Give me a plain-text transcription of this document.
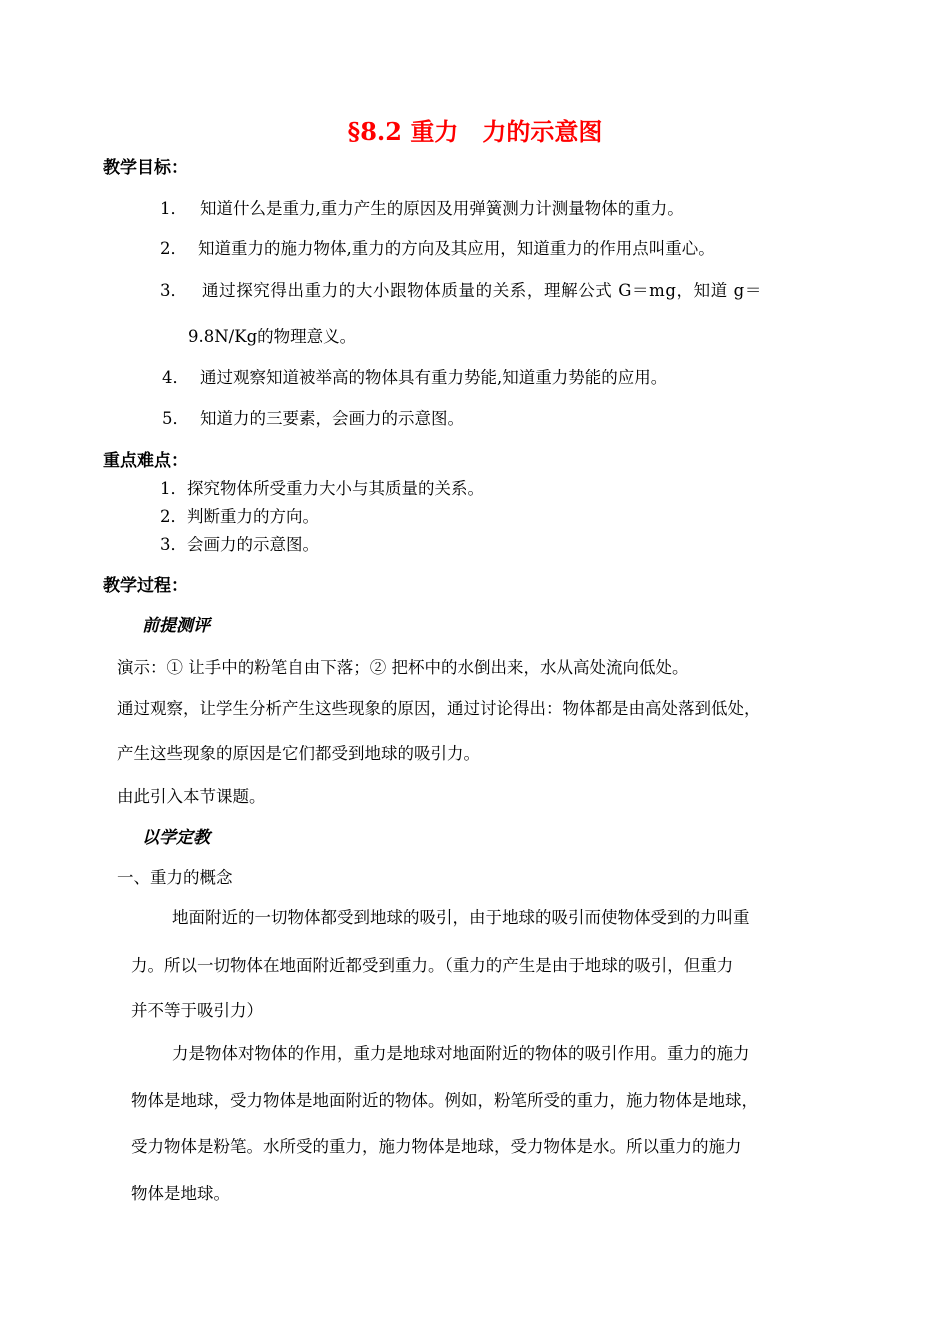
§8.2 重力　力的示意图
教学目标：
1． 知道什么是重力,重力产生的原因及用弹簧测力计测量物体的重力。
2． 知道重力的施力物体,重力的方向及其应用，知道重力的作用点叫重心。
3． 通过探究得出重力的大小跟物体质量的关系，理解公式 G＝mg，知道 g＝
9.8N/Kg的物理意义。
4． 通过观察知道被举高的物体具有重力势能,知道重力势能的应用。
5． 知道力的三要素，会画力的示意图。
重点难点：
1．探究物体所受重力大小与其质量的关系。
2．判断重力的方向。
3．会画力的示意图。
教学过程：
前提测评
演示：① 让手中的粉笔自由下落；② 把杯中的水倒出来，水从高处流向低处。
通过观察，让学生分析产生这些现象的原因，通过讨论得出：物体都是由高处落到低处，
产生这些现象的原因是它们都受到地球的吸引力。
由此引入本节课题。
以学定教
一、重力的概念
地面附近的一切物体都受到地球的吸引，由于地球的吸引而使物体受到的力叫重
力。所以一切物体在地面附近都受到重力。（重力的产生是由于地球的吸引，但重力
并不等于吸引力）
力是物体对物体的作用，重力是地球对地面附近的物体的吸引作用。重力的施力
物体是地球，受力物体是地面附近的物体。例如，粉笔所受的重力，施力物体是地球，
受力物体是粉笔。水所受的重力，施力物体是地球，受力物体是水。所以重力的施力
物体是地球。
